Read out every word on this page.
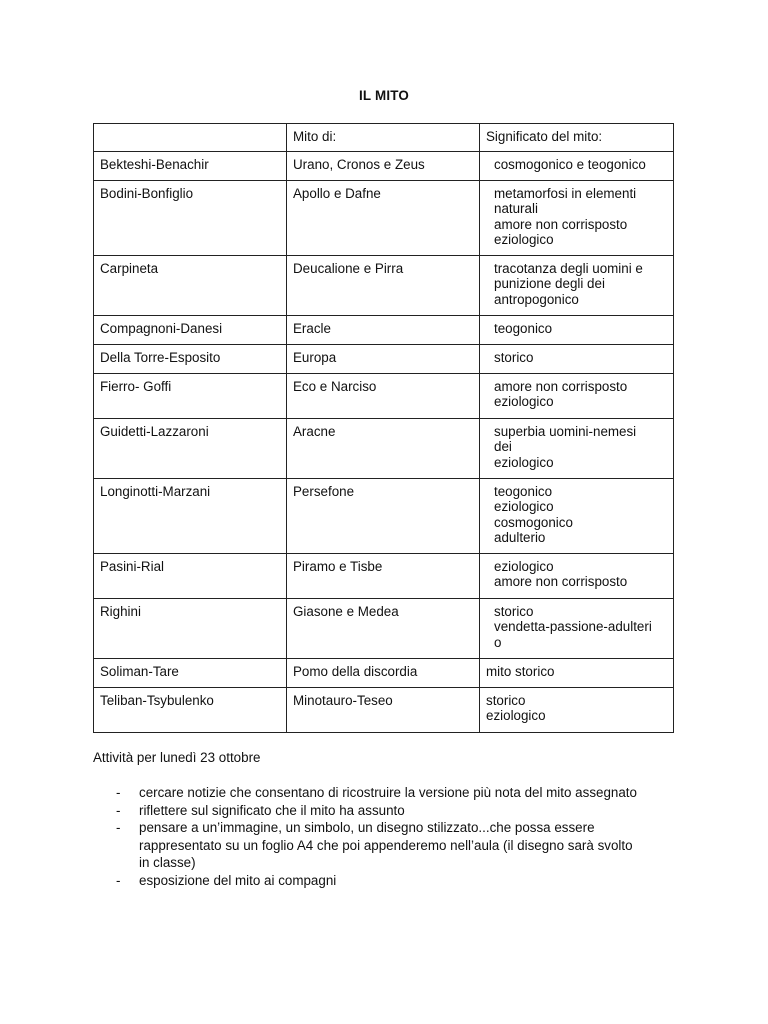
IL MITO
	Mito di:	Significato del mito:

Bekteshi-Benachir	Urano, Cronos e Zeus	cosmogonico e teogonico

Bodini-Bonfiglio	Apollo e Dafne	metamorfosi in elementi
naturali
amore non corrisposto
eziologico

Carpineta	Deucalione e Pirra	tracotanza degli uomini e
punizione degli dei
antropogonico

Compagnoni-Danesi	Eracle	teogonico

Della Torre-Esposito	Europa	storico

Fierro- Goffi	Eco e Narciso	amore non corrisposto
eziologico

Guidetti-Lazzaroni	Aracne	superbia uomini-nemesi
dei
eziologico

Longinotti-Marzani	Persefone	teogonico
eziologico
cosmogonico
adulterio

Pasini-Rial	Piramo e Tisbe	eziologico
amore non corrisposto

Righini	Giasone e Medea	storico
vendetta-passione-adulteri
o

Soliman-Tare	Pomo della discordia	mito storico

Teliban-Tsybulenko	Minotauro-Teseo	storico
eziologico
Attività per lunedì 23 ottobre
- cercare notizie che consentano di ricostruire la versione più nota del mito assegnato
- riflettere sul significato che il mito ha assunto
- pensare a un’immagine, un simbolo, un disegno stilizzato...che possa essere
rappresentato su un foglio A4 che poi appenderemo nell’aula (il disegno sarà svolto
in classe)
- esposizione del mito ai compagni
